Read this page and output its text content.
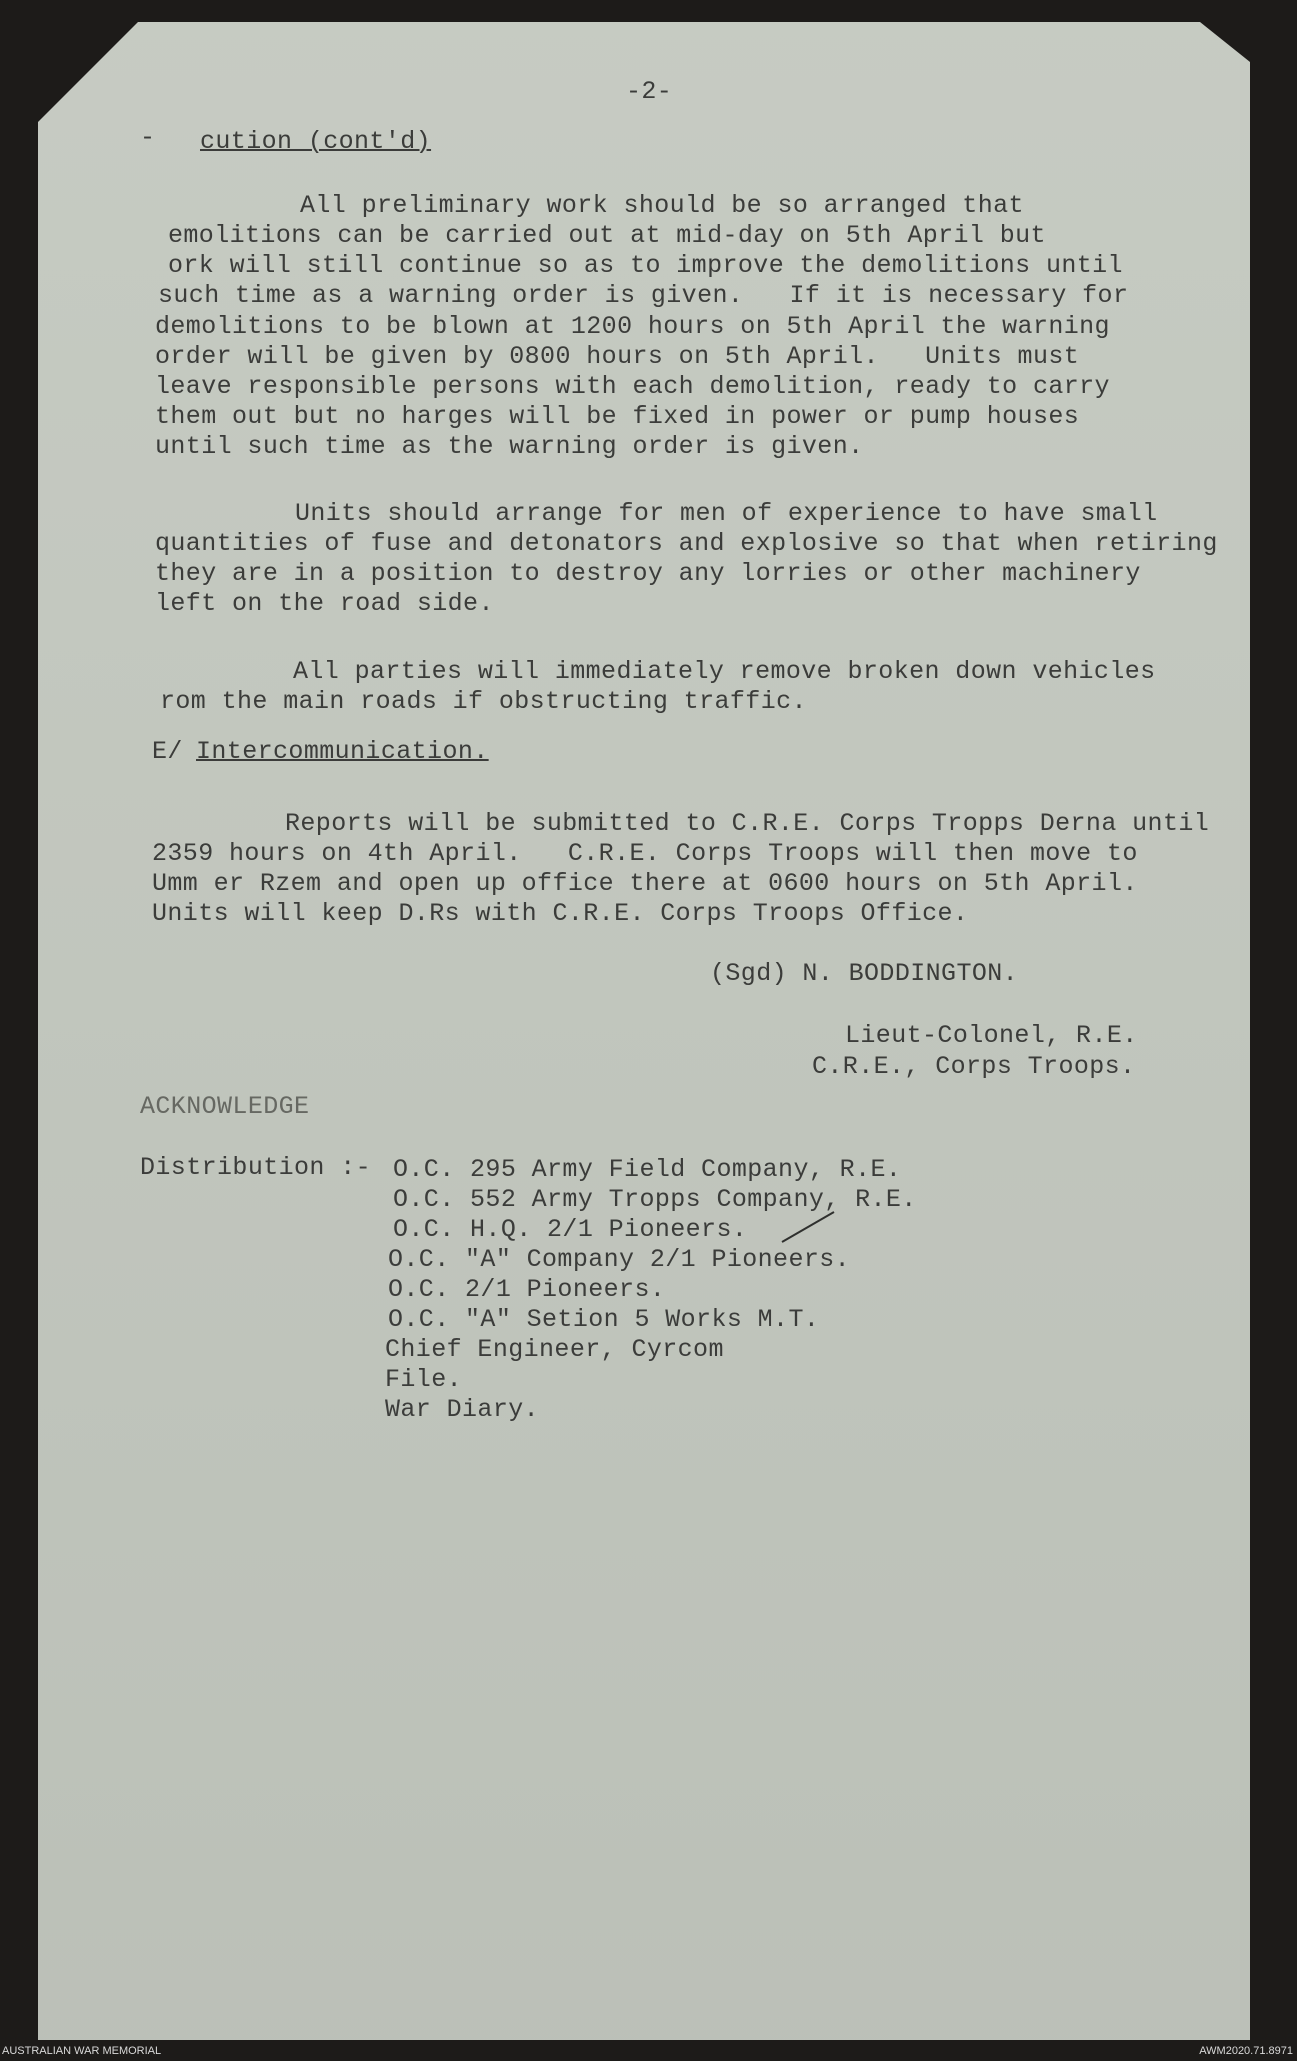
-2-
- cution (cont'd)
All preliminary work should be so arranged that
emolitions can be carried out at mid-day on 5th April but
ork will still continue so as to improve the demolitions until
such time as a warning order is given.   If it is necessary for
demolitions to be blown at 1200 hours on 5th April the warning
order will be given by 0800 hours on 5th April.   Units must
leave responsible persons with each demolition, ready to carry
them out but no harges will be fixed in power or pump houses
until such time as the warning order is given.
Units should arrange for men of experience to have small
quantities of fuse and detonators and explosive so that when retiring
they are in a position to destroy any lorries or other machinery
left on the road side.
All parties will immediately remove broken down vehicles
rom the main roads if obstructing traffic.
E/ Intercommunication.
Reports will be submitted to C.R.E. Corps Tropps Derna until
2359 hours on 4th April.   C.R.E. Corps Troops will then move to
Umm er Rzem and open up office there at 0600 hours on 5th April.
Units will keep D.Rs with C.R.E. Corps Troops Office.
(Sgd) N. BODDINGTON.
Lieut-Colonel, R.E.
C.R.E., Corps Troops.
ACKNOWLEDGE
Distribution :- O.C. 295 Army Field Company, R.E.
O.C. 552 Army Tropps Company, R.E.
O.C. H.Q. 2/1 Pioneers.
O.C. "A" Company 2/1 Pioneers.
O.C. 2/1 Pioneers.
O.C. "A" Setion 5 Works M.T.
Chief Engineer, Cyrcom
File.
War Diary.
AUSTRALIAN WAR MEMORIAL	AWM2020.71.8971
